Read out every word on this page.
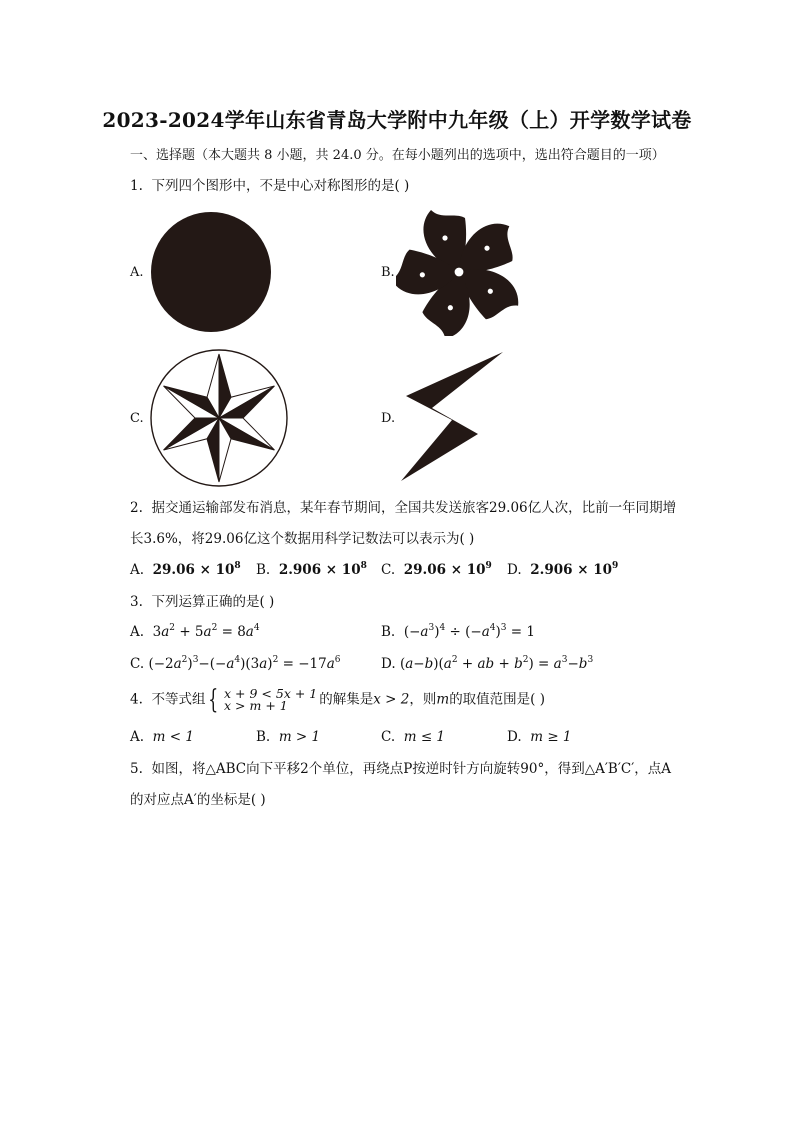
2023-2024学年山东省青岛大学附中九年级（上）开学数学试卷
一、选择题（本大题共 8 小题，共 24.0 分。在每小题列出的选项中，选出符合题目的一项）
1. 下列四个图形中，不是中心对称图形的是( )
A.	B.
C.	D.
2. 据交通运输部发布消息，某年春节期间，全国共发送旅客29.06亿人次，比前一年同期增
长3.6%，将29.06亿这个数据用科学记数法可以表示为( )
A. $29.06 \times 10^8$ B. $2.906 \times 10^8$ C. $29.06 \times 10^9$ D. $2.906 \times 10^9$
3. 下列运算正确的是( )
A. $3a^2 + 5a^2 = 8a^4$	B. $(-a^3)^4 \div (-a^4)^3 = 1$
C. $(-2a^2)^3-(-a^4)(3a)^2 = -17a^6$	D. $(a-b)(a^2$ + ab + $b^2) = a^3-b^3$
4. 不等式组 { x + 9 < 5x + 1
x > m + 1 的解集是x > 2，则m的取值范围是( )
A. m < 1	B. m > 1	C. m ≤ 1	D. m ≥ 1
5. 如图，将△ABC向下平移2个单位，再绕点P按逆时针方向旋转90°，得到△A′B′C′，点A
的对应点A′的坐标是( )
